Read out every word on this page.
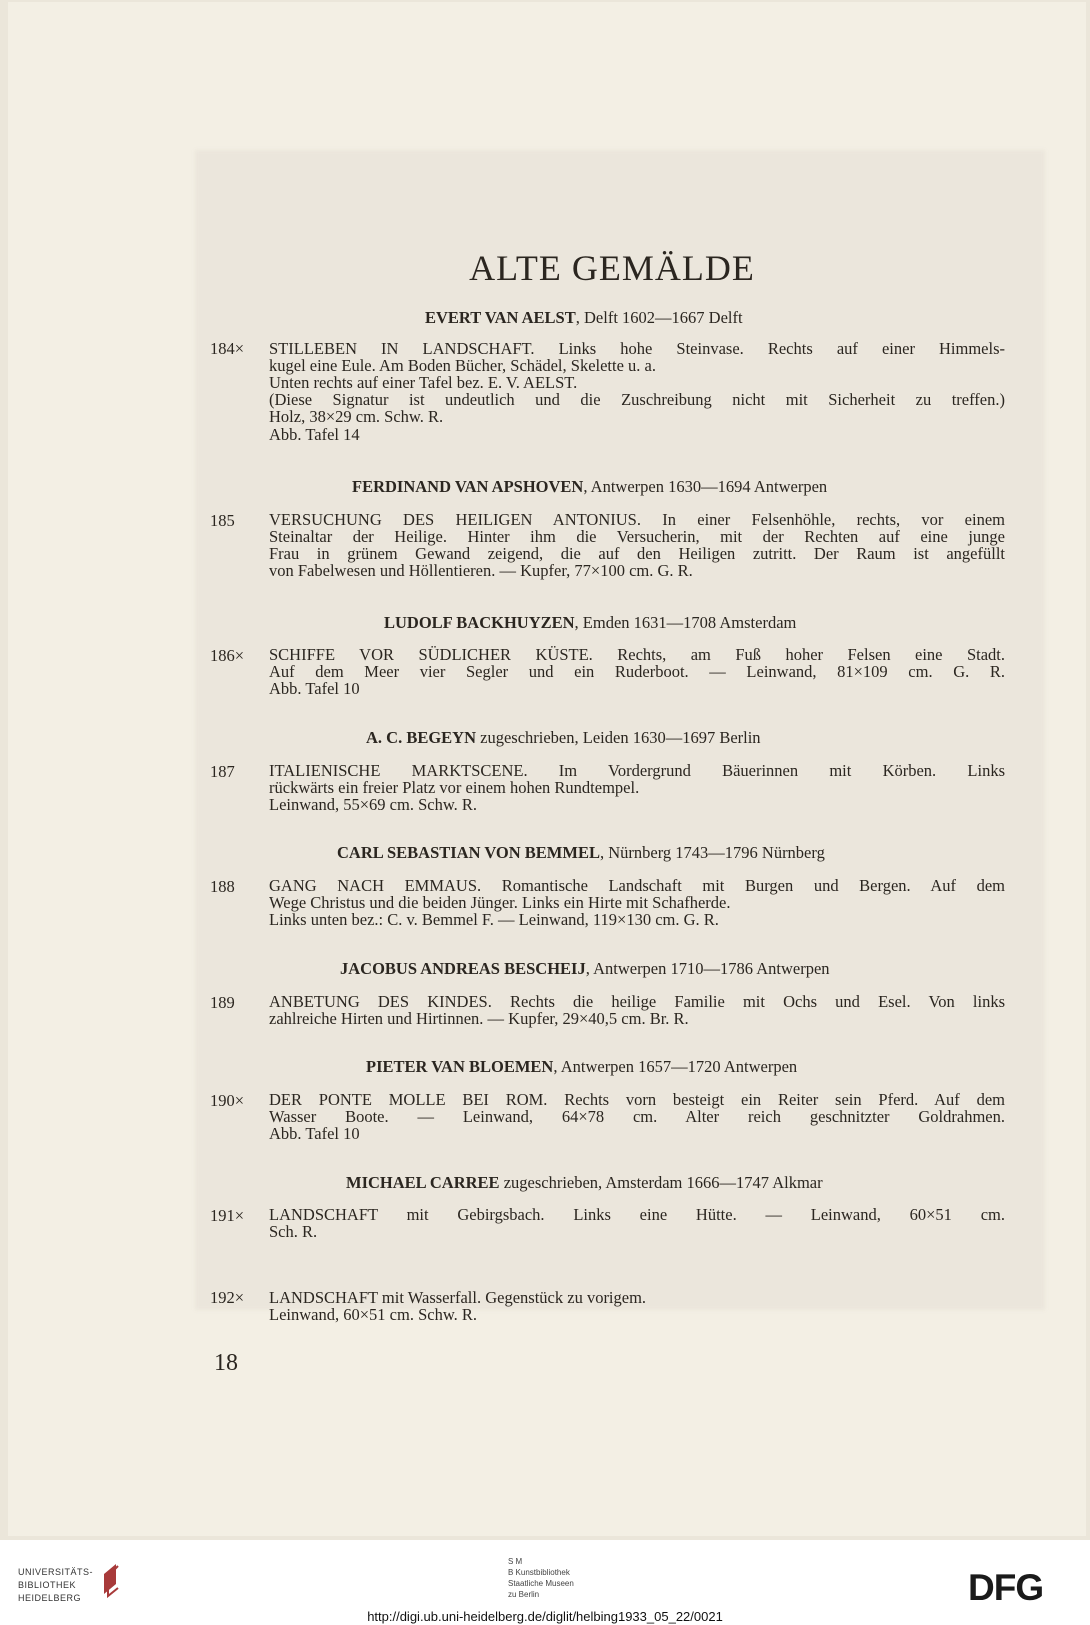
ALTE GEMÄLDE
EVERT VAN AELST, Delft 1602—1667 Delft
184× STILLEBEN IN LANDSCHAFT. Links hohe Steinvase. Rechts auf einer Himmels-
kugel eine Eule. Am Boden Bücher, Schädel, Skelette u. a.
Unten rechts auf einer Tafel bez. E. V. AELST.
(Diese Signatur ist undeutlich und die Zuschreibung nicht mit Sicherheit zu treffen.)
Holz, 38×29 cm. Schw. R.
Abb. Tafel 14
FERDINAND VAN APSHOVEN, Antwerpen 1630—1694 Antwerpen
185 VERSUCHUNG DES HEILIGEN ANTONIUS. In einer Felsenhöhle, rechts, vor einem
Steinaltar der Heilige. Hinter ihm die Versucherin, mit der Rechten auf eine junge
Frau in grünem Gewand zeigend, die auf den Heiligen zutritt. Der Raum ist angefüllt
von Fabelwesen und Höllentieren. — Kupfer, 77×100 cm. G. R.
LUDOLF BACKHUYZEN, Emden 1631—1708 Amsterdam
186× SCHIFFE VOR SÜDLICHER KÜSTE. Rechts, am Fuß hoher Felsen eine Stadt.
Auf dem Meer vier Segler und ein Ruderboot. — Leinwand, 81×109 cm. G. R.
Abb. Tafel 10
A. C. BEGEYN zugeschrieben, Leiden 1630—1697 Berlin
187 ITALIENISCHE MARKTSCENE. Im Vordergrund Bäuerinnen mit Körben. Links
rückwärts ein freier Platz vor einem hohen Rundtempel.
Leinwand, 55×69 cm. Schw. R.
CARL SEBASTIAN VON BEMMEL, Nürnberg 1743—1796 Nürnberg
188 GANG NACH EMMAUS. Romantische Landschaft mit Burgen und Bergen. Auf dem
Wege Christus und die beiden Jünger. Links ein Hirte mit Schafherde.
Links unten bez.: C. v. Bemmel F. — Leinwand, 119×130 cm. G. R.
JACOBUS ANDREAS BESCHEIJ, Antwerpen 1710—1786 Antwerpen
189 ANBETUNG DES KINDES. Rechts die heilige Familie mit Ochs und Esel. Von links
zahlreiche Hirten und Hirtinnen. — Kupfer, 29×40,5 cm. Br. R.
PIETER VAN BLOEMEN, Antwerpen 1657—1720 Antwerpen
190× DER PONTE MOLLE BEI ROM. Rechts vorn besteigt ein Reiter sein Pferd. Auf dem
Wasser Boote. — Leinwand, 64×78 cm. Alter reich geschnitzter Goldrahmen.
Abb. Tafel 10
MICHAEL CARREE zugeschrieben, Amsterdam 1666—1747 Alkmar
191× LANDSCHAFT mit Gebirgsbach. Links eine Hütte. — Leinwand, 60×51 cm.
Sch. R.
192× LANDSCHAFT mit Wasserfall. Gegenstück zu vorigem.
Leinwand, 60×51 cm. Schw. R.
18
UNIVERSITÄTS-
BIBLIOTHEK
HEIDELBERG
S M
B Kunstbibliothek
Staatliche Museen
zu Berlin	DFG
http://digi.ub.uni-heidelberg.de/diglit/helbing1933_05_22/0021
